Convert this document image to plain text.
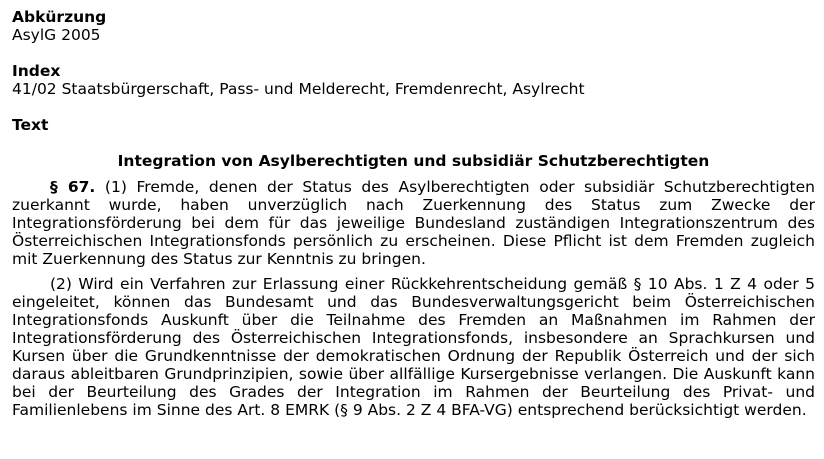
Abkürzung

AsylG 2005

Index

41/02 Staatsbürgerschaft, Pass- und Melderecht, Fremdenrecht, Asylrecht

Text

Integration von Asylberechtigten und subsidiär Schutzberechtigten

§ 67. (1) Fremde, denen der Status des Asylberechtigten oder subsidiär Schutzberechtigten zuerkannt wurde, haben unverzüglich nach Zuerkennung des Status zum Zwecke der Integrationsförderung bei dem für das jeweilige Bundesland zuständigen Integrationszentrum des Österreichischen Integrationsfonds persönlich zu erscheinen. Diese Pflicht ist dem Fremden zugleich mit Zuerkennung des Status zur Kenntnis zu bringen.

(2) Wird ein Verfahren zur Erlassung einer Rückkehrentscheidung gemäß § 10 Abs. 1 Z 4 oder 5 eingeleitet, können das Bundesamt und das Bundesverwaltungsgericht beim Österreichischen Integrationsfonds Auskunft über die Teilnahme des Fremden an Maßnahmen im Rahmen der Integrationsförderung des Österreichischen Integrationsfonds, insbesondere an Sprachkursen und Kursen über die Grundkenntnisse der demokratischen Ordnung der Republik Österreich und der sich daraus ableitbaren Grundprinzipien, sowie über allfällige Kursergebnisse verlangen. Die Auskunft kann bei der Beurteilung des Grades der Integration im Rahmen der Beurteilung des Privat- und Familienlebens im Sinne des Art. 8 EMRK (§ 9 Abs. 2 Z 4 BFA-VG) entsprechend berücksichtigt werden.
